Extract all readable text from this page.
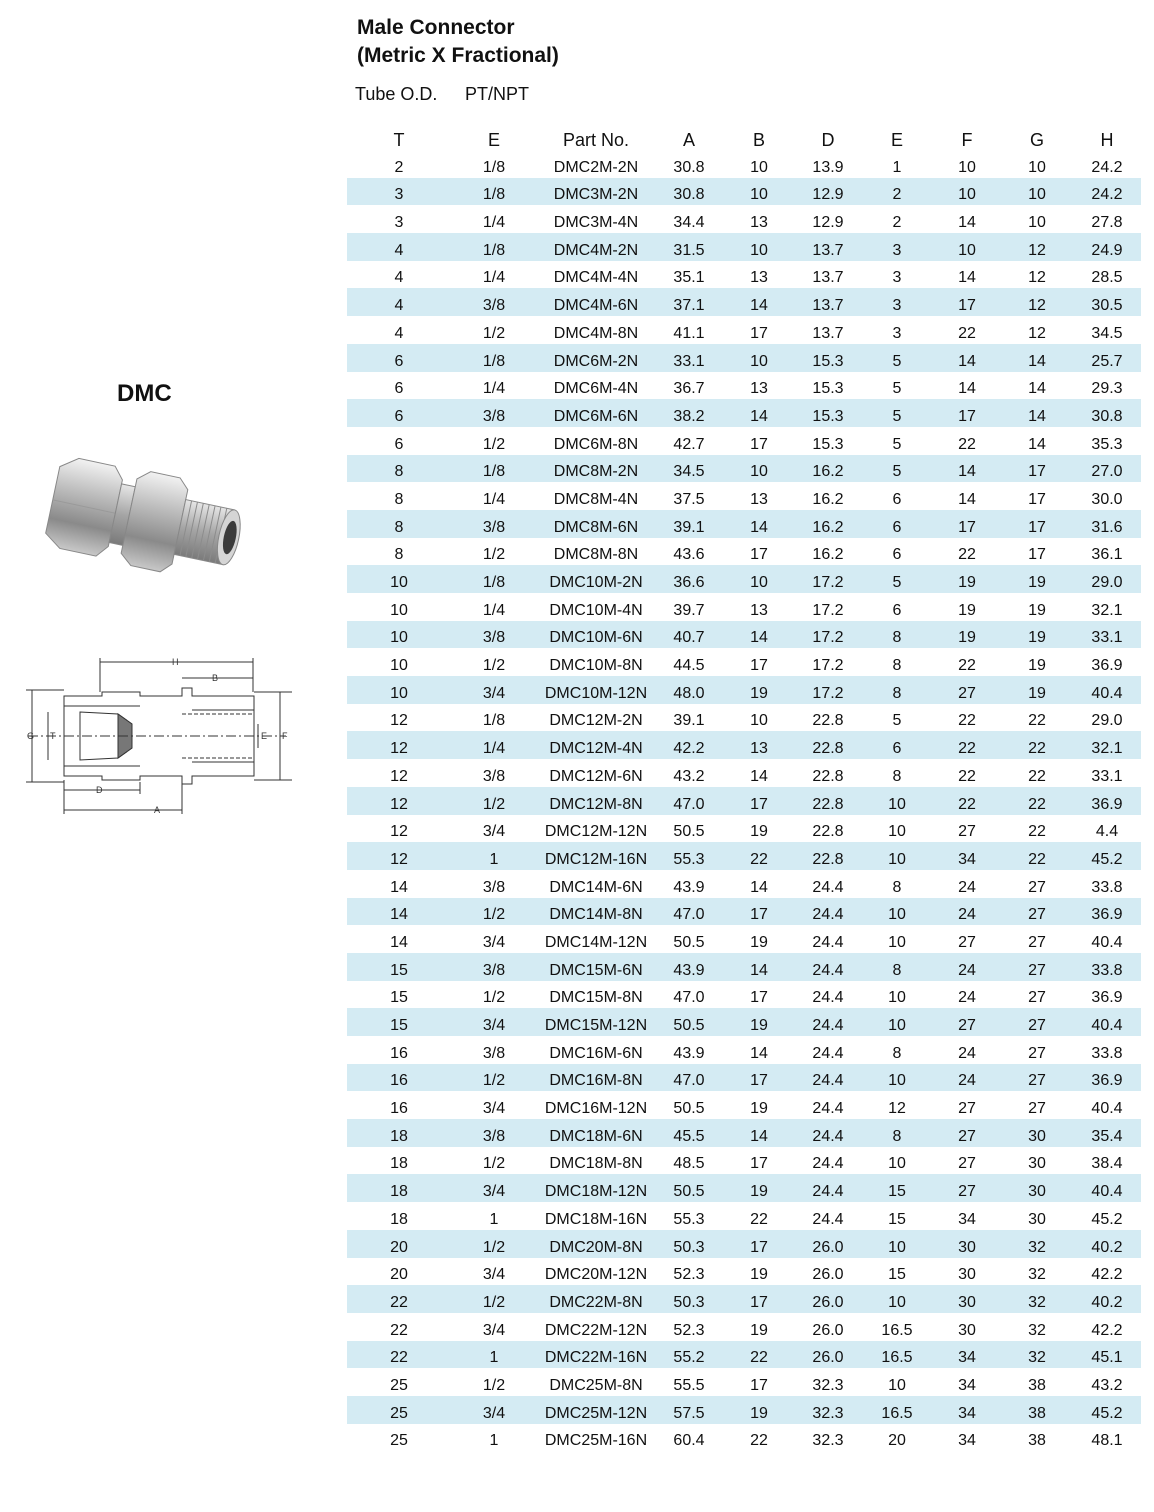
Male Connector
(Metric X Fractional)
Tube O.D. PT/NPT
DMC
H
B
G T	E F
D
A
T	E	Part No.	A	B	D	E	F	G	H
2	1/8	DMC2M-2N	30.8	10	13.9	1	10	10	24.2
3	1/8	DMC3M-2N	30.8	10	12.9	2	10	10	24.2
3	1/4	DMC3M-4N	34.4	13	12.9	2	14	10	27.8
4	1/8	DMC4M-2N	31.5	10	13.7	3	10	12	24.9
4	1/4	DMC4M-4N	35.1	13	13.7	3	14	12	28.5
4	3/8	DMC4M-6N	37.1	14	13.7	3	17	12	30.5
4	1/2	DMC4M-8N	41.1	17	13.7	3	22	12	34.5
6	1/8	DMC6M-2N	33.1	10	15.3	5	14	14	25.7
6	1/4	DMC6M-4N	36.7	13	15.3	5	14	14	29.3
6	3/8	DMC6M-6N	38.2	14	15.3	5	17	14	30.8
6	1/2	DMC6M-8N	42.7	17	15.3	5	22	14	35.3
8	1/8	DMC8M-2N	34.5	10	16.2	5	14	17	27.0
8	1/4	DMC8M-4N	37.5	13	16.2	6	14	17	30.0
8	3/8	DMC8M-6N	39.1	14	16.2	6	17	17	31.6
8	1/2	DMC8M-8N	43.6	17	16.2	6	22	17	36.1
10	1/8	DMC10M-2N	36.6	10	17.2	5	19	19	29.0
10	1/4	DMC10M-4N	39.7	13	17.2	6	19	19	32.1
10	3/8	DMC10M-6N	40.7	14	17.2	8	19	19	33.1
10	1/2	DMC10M-8N	44.5	17	17.2	8	22	19	36.9
10	3/4	DMC10M-12N	48.0	19	17.2	8	27	19	40.4
12	1/8	DMC12M-2N	39.1	10	22.8	5	22	22	29.0
12	1/4	DMC12M-4N	42.2	13	22.8	6	22	22	32.1
12	3/8	DMC12M-6N	43.2	14	22.8	8	22	22	33.1
12	1/2	DMC12M-8N	47.0	17	22.8	10	22	22	36.9
12	3/4	DMC12M-12N	50.5	19	22.8	10	27	22	4.4
12	1	DMC12M-16N	55.3	22	22.8	10	34	22	45.2
14	3/8	DMC14M-6N	43.9	14	24.4	8	24	27	33.8
14	1/2	DMC14M-8N	47.0	17	24.4	10	24	27	36.9
14	3/4	DMC14M-12N	50.5	19	24.4	10	27	27	40.4
15	3/8	DMC15M-6N	43.9	14	24.4	8	24	27	33.8
15	1/2	DMC15M-8N	47.0	17	24.4	10	24	27	36.9
15	3/4	DMC15M-12N	50.5	19	24.4	10	27	27	40.4
16	3/8	DMC16M-6N	43.9	14	24.4	8	24	27	33.8
16	1/2	DMC16M-8N	47.0	17	24.4	10	24	27	36.9
16	3/4	DMC16M-12N	50.5	19	24.4	12	27	27	40.4
18	3/8	DMC18M-6N	45.5	14	24.4	8	27	30	35.4
18	1/2	DMC18M-8N	48.5	17	24.4	10	27	30	38.4
18	3/4	DMC18M-12N	50.5	19	24.4	15	27	30	40.4
18	1	DMC18M-16N	55.3	22	24.4	15	34	30	45.2
20	1/2	DMC20M-8N	50.3	17	26.0	10	30	32	40.2
20	3/4	DMC20M-12N	52.3	19	26.0	15	30	32	42.2
22	1/2	DMC22M-8N	50.3	17	26.0	10	30	32	40.2
22	3/4	DMC22M-12N	52.3	19	26.0	16.5	30	32	42.2
22	1	DMC22M-16N	55.2	22	26.0	16.5	34	32	45.1
25	1/2	DMC25M-8N	55.5	17	32.3	10	34	38	43.2
25	3/4	DMC25M-12N	57.5	19	32.3	16.5	34	38	45.2
25	1	DMC25M-16N	60.4	22	32.3	20	34	38	48.1
